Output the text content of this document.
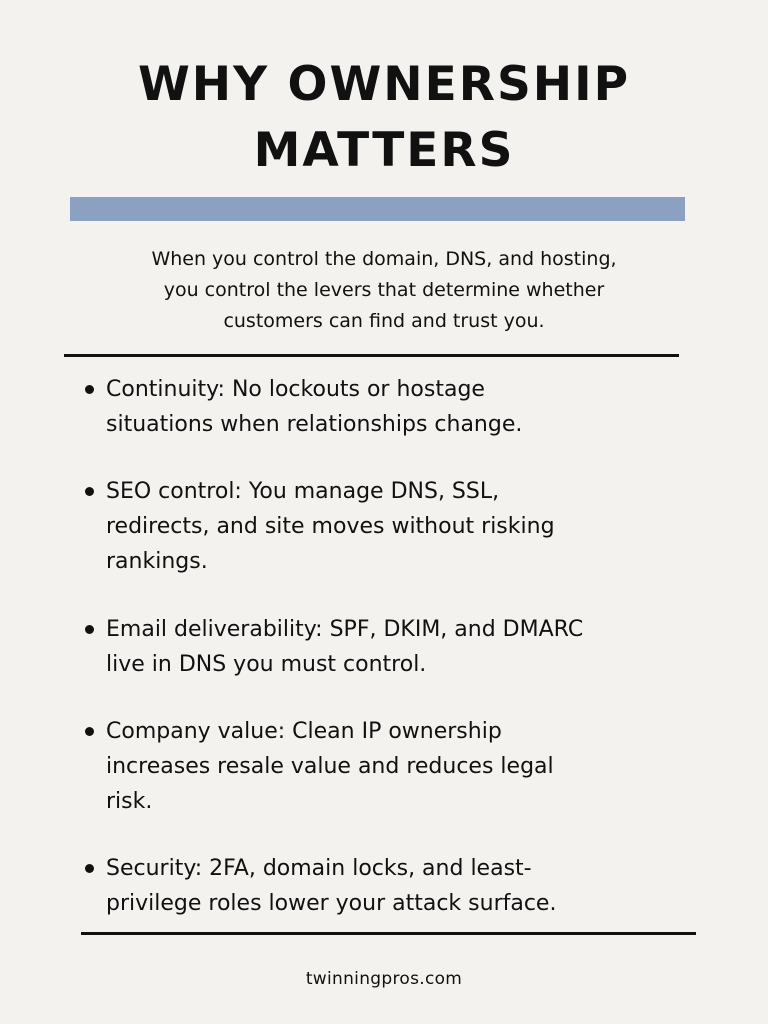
WHY OWNERSHIP
MATTERS

When you control the domain, DNS, and hosting,
you control the levers that determine whether
customers can find and trust you.

Continuity: No lockouts or hostage
situations when relationships change.
SEO control: You manage DNS, SSL,
redirects, and site moves without risking
rankings.
Email deliverability: SPF, DKIM, and DMARC
live in DNS you must control.
Company value: Clean IP ownership
increases resale value and reduces legal
risk.
Security: 2FA, domain locks, and least-
privilege roles lower your attack surface.
twinningpros.com
